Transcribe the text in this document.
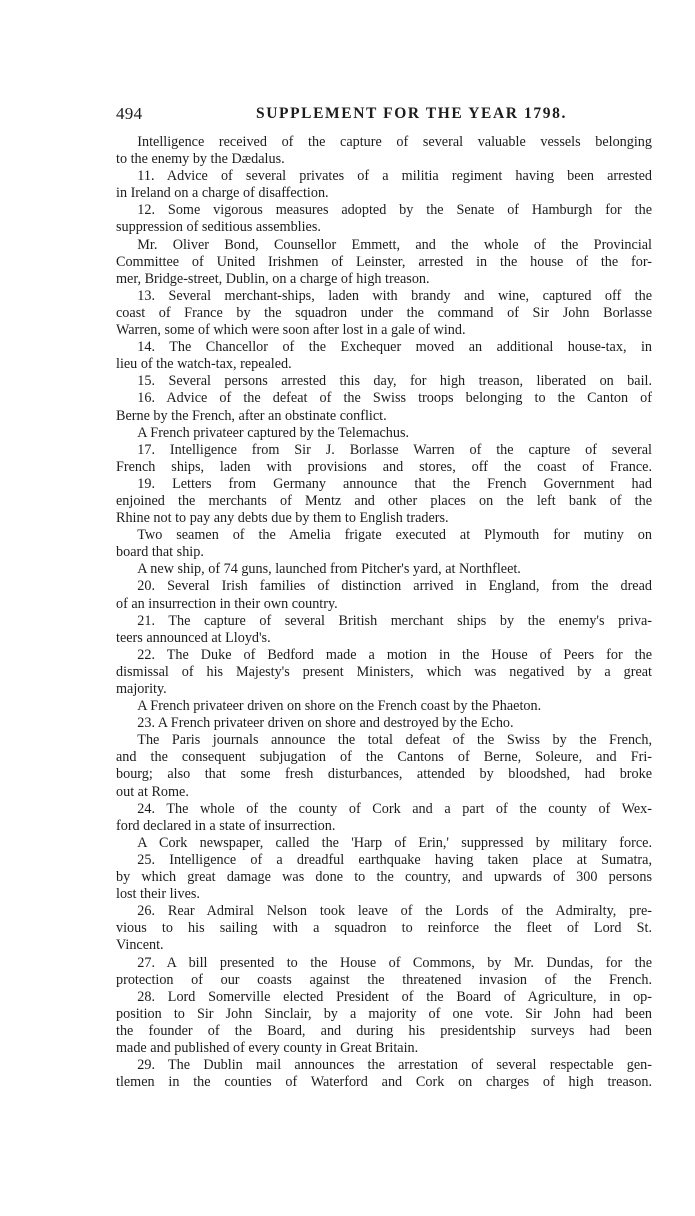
494	SUPPLEMENT FOR THE YEAR 1798.
Intelligence received of the capture of several valuable vessels belonging
to the enemy by the Dædalus.
11. Advice of several privates of a militia regiment having been arrested
in Ireland on a charge of disaffection.
12. Some vigorous measures adopted by the Senate of Hamburgh for the
suppression of seditious assemblies.
Mr. Oliver Bond, Counsellor Emmett, and the whole of the Provincial
Committee of United Irishmen of Leinster, arrested in the house of the for-
mer, Bridge-street, Dublin, on a charge of high treason.
13. Several merchant-ships, laden with brandy and wine, captured off the
coast of France by the squadron under the command of Sir John Borlasse
Warren, some of which were soon after lost in a gale of wind.
14. The Chancellor of the Exchequer moved an additional house-tax, in
lieu of the watch-tax, repealed.
15. Several persons arrested this day, for high treason, liberated on bail.
16. Advice of the defeat of the Swiss troops belonging to the Canton of
Berne by the French, after an obstinate conflict.
A French privateer captured by the Telemachus.
17. Intelligence from Sir J. Borlasse Warren of the capture of several
French ships, laden with provisions and stores, off the coast of France.
19. Letters from Germany announce that the French Government had
enjoined the merchants of Mentz and other places on the left bank of the
Rhine not to pay any debts due by them to English traders.
Two seamen of the Amelia frigate executed at Plymouth for mutiny on
board that ship.
A new ship, of 74 guns, launched from Pitcher's yard, at Northfleet.
20. Several Irish families of distinction arrived in England, from the dread
of an insurrection in their own country.
21. The capture of several British merchant ships by the enemy's priva-
teers announced at Lloyd's.
22. The Duke of Bedford made a motion in the House of Peers for the
dismissal of his Majesty's present Ministers, which was negatived by a great
majority.
A French privateer driven on shore on the French coast by the Phaeton.
23. A French privateer driven on shore and destroyed by the Echo.
The Paris journals announce the total defeat of the Swiss by the French,
and the consequent subjugation of the Cantons of Berne, Soleure, and Fri-
bourg; also that some fresh disturbances, attended by bloodshed, had broke
out at Rome.
24. The whole of the county of Cork and a part of the county of Wex-
ford declared in a state of insurrection.
A Cork newspaper, called the 'Harp of Erin,' suppressed by military force.
25. Intelligence of a dreadful earthquake having taken place at Sumatra,
by which great damage was done to the country, and upwards of 300 persons
lost their lives.
26. Rear Admiral Nelson took leave of the Lords of the Admiralty, pre-
vious to his sailing with a squadron to reinforce the fleet of Lord St.
Vincent.
27. A bill presented to the House of Commons, by Mr. Dundas, for the
protection of our coasts against the threatened invasion of the French.
28. Lord Somerville elected President of the Board of Agriculture, in op-
position to Sir John Sinclair, by a majority of one vote. Sir John had been
the founder of the Board, and during his presidentship surveys had been
made and published of every county in Great Britain.
29. The Dublin mail announces the arrestation of several respectable gen-
tlemen in the counties of Waterford and Cork on charges of high treason.
